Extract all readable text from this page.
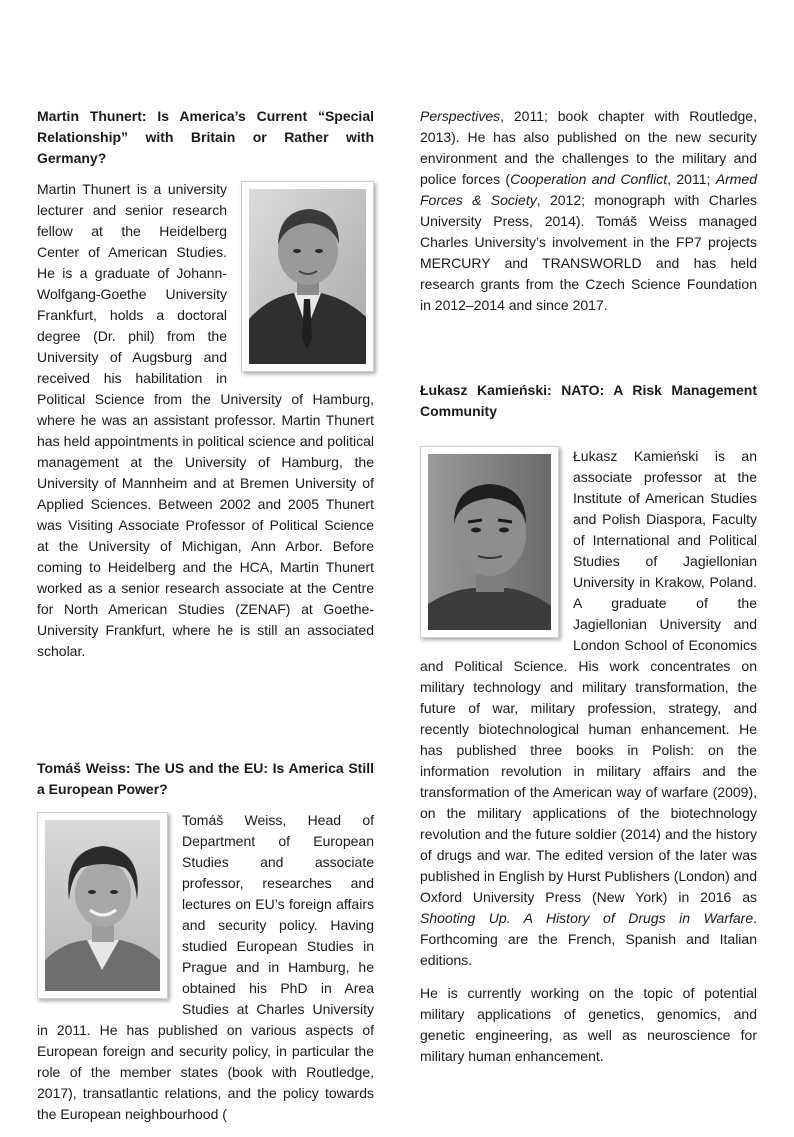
Martin Thunert: Is America’s Current “Special Relationship” with Britain or Rather with Germany?

Martin Thunert is a university lecturer and senior research fellow at the Heidelberg Center of American Studies. He is a graduate of Johann-Wolfgang-Goethe University Frankfurt, holds a doctoral degree (Dr. phil) from the University of Augsburg and received his habilitation in Political Science from the University of Hamburg, where he was an assistant professor. Martin Thunert has held appointments in political science and political management at the University of Hamburg, the University of Mannheim and at Bremen University of Applied Sciences. Between 2002 and 2005 Thunert was Visiting Associate Professor of Political Science at the University of Michigan, Ann Arbor. Before coming to Heidelberg and the HCA, Martin Thunert worked as a senior research associate at the Centre for North American Studies (ZENAF) at Goethe-University Frankfurt, where he is still an associated scholar.

Tomáš Weiss: The US and the EU: Is America Still a European Power?

Tomáš Weiss, Head of Department of European Studies and associate professor, researches and lectures on EU’s foreign affairs and security policy. Having studied European Studies in Prague and in Hamburg, he obtained his PhD in Area Studies at Charles University in 2011. He has published on various aspects of European foreign and security policy, in particular the role of the member states (book with Routledge, 2017), transatlantic relations, and the policy towards the European neighbourhood (

Perspectives, 2011; book chapter with Routledge, 2013). He has also published on the new security environment and the challenges to the military and police forces (Cooperation and Conflict, 2011; Armed Forces & Society, 2012; monograph with Charles University Press, 2014). Tomáš Weiss managed Charles University’s involvement in the FP7 projects MERCURY and TRANSWORLD and has held research grants from the Czech Science Foundation in 2012–2014 and since 2017.

Łukasz Kamieński: NATO: A Risk Management Community

Łukasz Kamieński is an associate professor at the Institute of American Studies and Polish Diaspora, Faculty of International and Political Studies of Jagiellonian University in Krakow, Poland. A graduate of the Jagiellonian University and London School of Economics and Political Science. His work concentrates on military technology and military transformation, the future of war, military profession, strategy, and recently biotechnological human enhancement. He has published three books in Polish: on the information revolution in military affairs and the transformation of the American way of warfare (2009), on the military applications of the biotechnology revolution and the future soldier (2014) and the history of drugs and war. The edited version of the later was published in English by Hurst Publishers (London) and Oxford University Press (New York) in 2016 as Shooting Up. A History of Drugs in Warfare. Forthcoming are the French, Spanish and Italian editions.

He is currently working on the topic of potential military applications of genetics, genomics, and genetic engineering, as well as neuroscience for military human enhancement.
